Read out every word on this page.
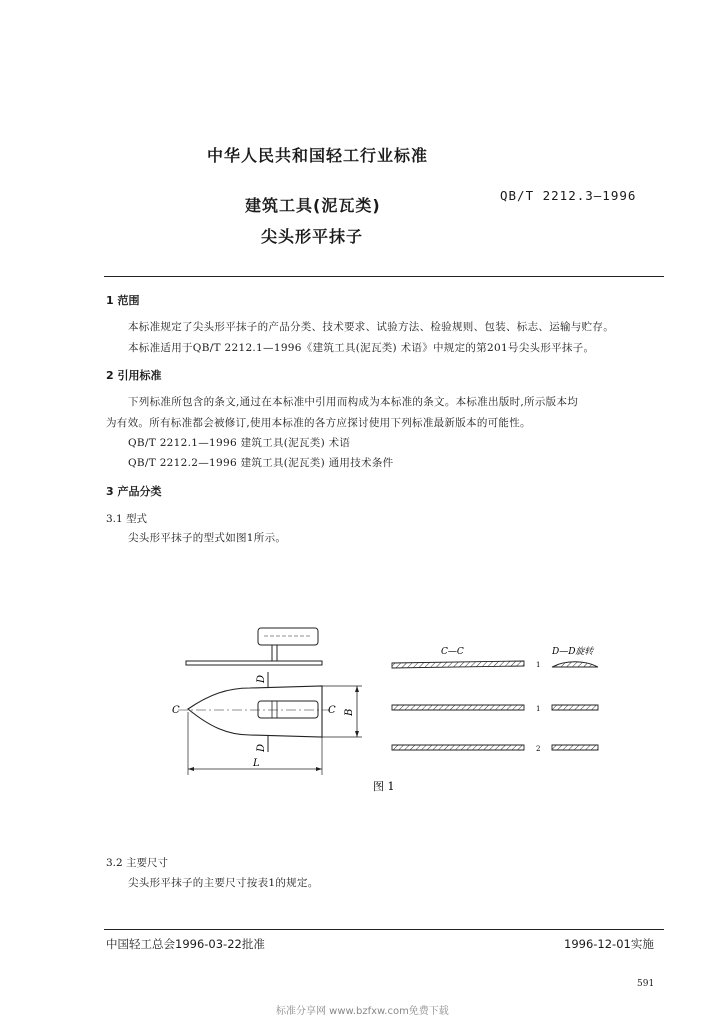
中华人民共和国轻工行业标准
建筑工具(泥瓦类)
尖头形平抹子
QB/T 2212.3—1996
1 范围
本标准规定了尖头形平抹子的产品分类、技术要求、试验方法、检验规则、包装、标志、运输与贮存。
本标准适用于QB/T 2212.1—1996《建筑工具(泥瓦类) 术语》中规定的第201号尖头形平抹子。
2 引用标准
下列标准所包含的条文,通过在本标准中引用而构成为本标准的条文。本标准出版时,所示版本均
为有效。所有标准都会被修订,使用本标准的各方应探讨使用下列标准最新版本的可能性。
QB/T 2212.1—1996 建筑工具(泥瓦类) 术语
QB/T 2212.2—1996 建筑工具(泥瓦类) 通用技术条件
3 产品分类
3.1 型式
尖头形平抹子的型式如图1所示。
C	C
D
D
B
L
C—C	D—D旋转
1
1
2
图 1
3.2 主要尺寸
尖头形平抹子的主要尺寸按表1的规定。
中国轻工总会1996-03-22批准	1996-12-01实施
591
标准分享网 www.bzfxw.com免费下载
